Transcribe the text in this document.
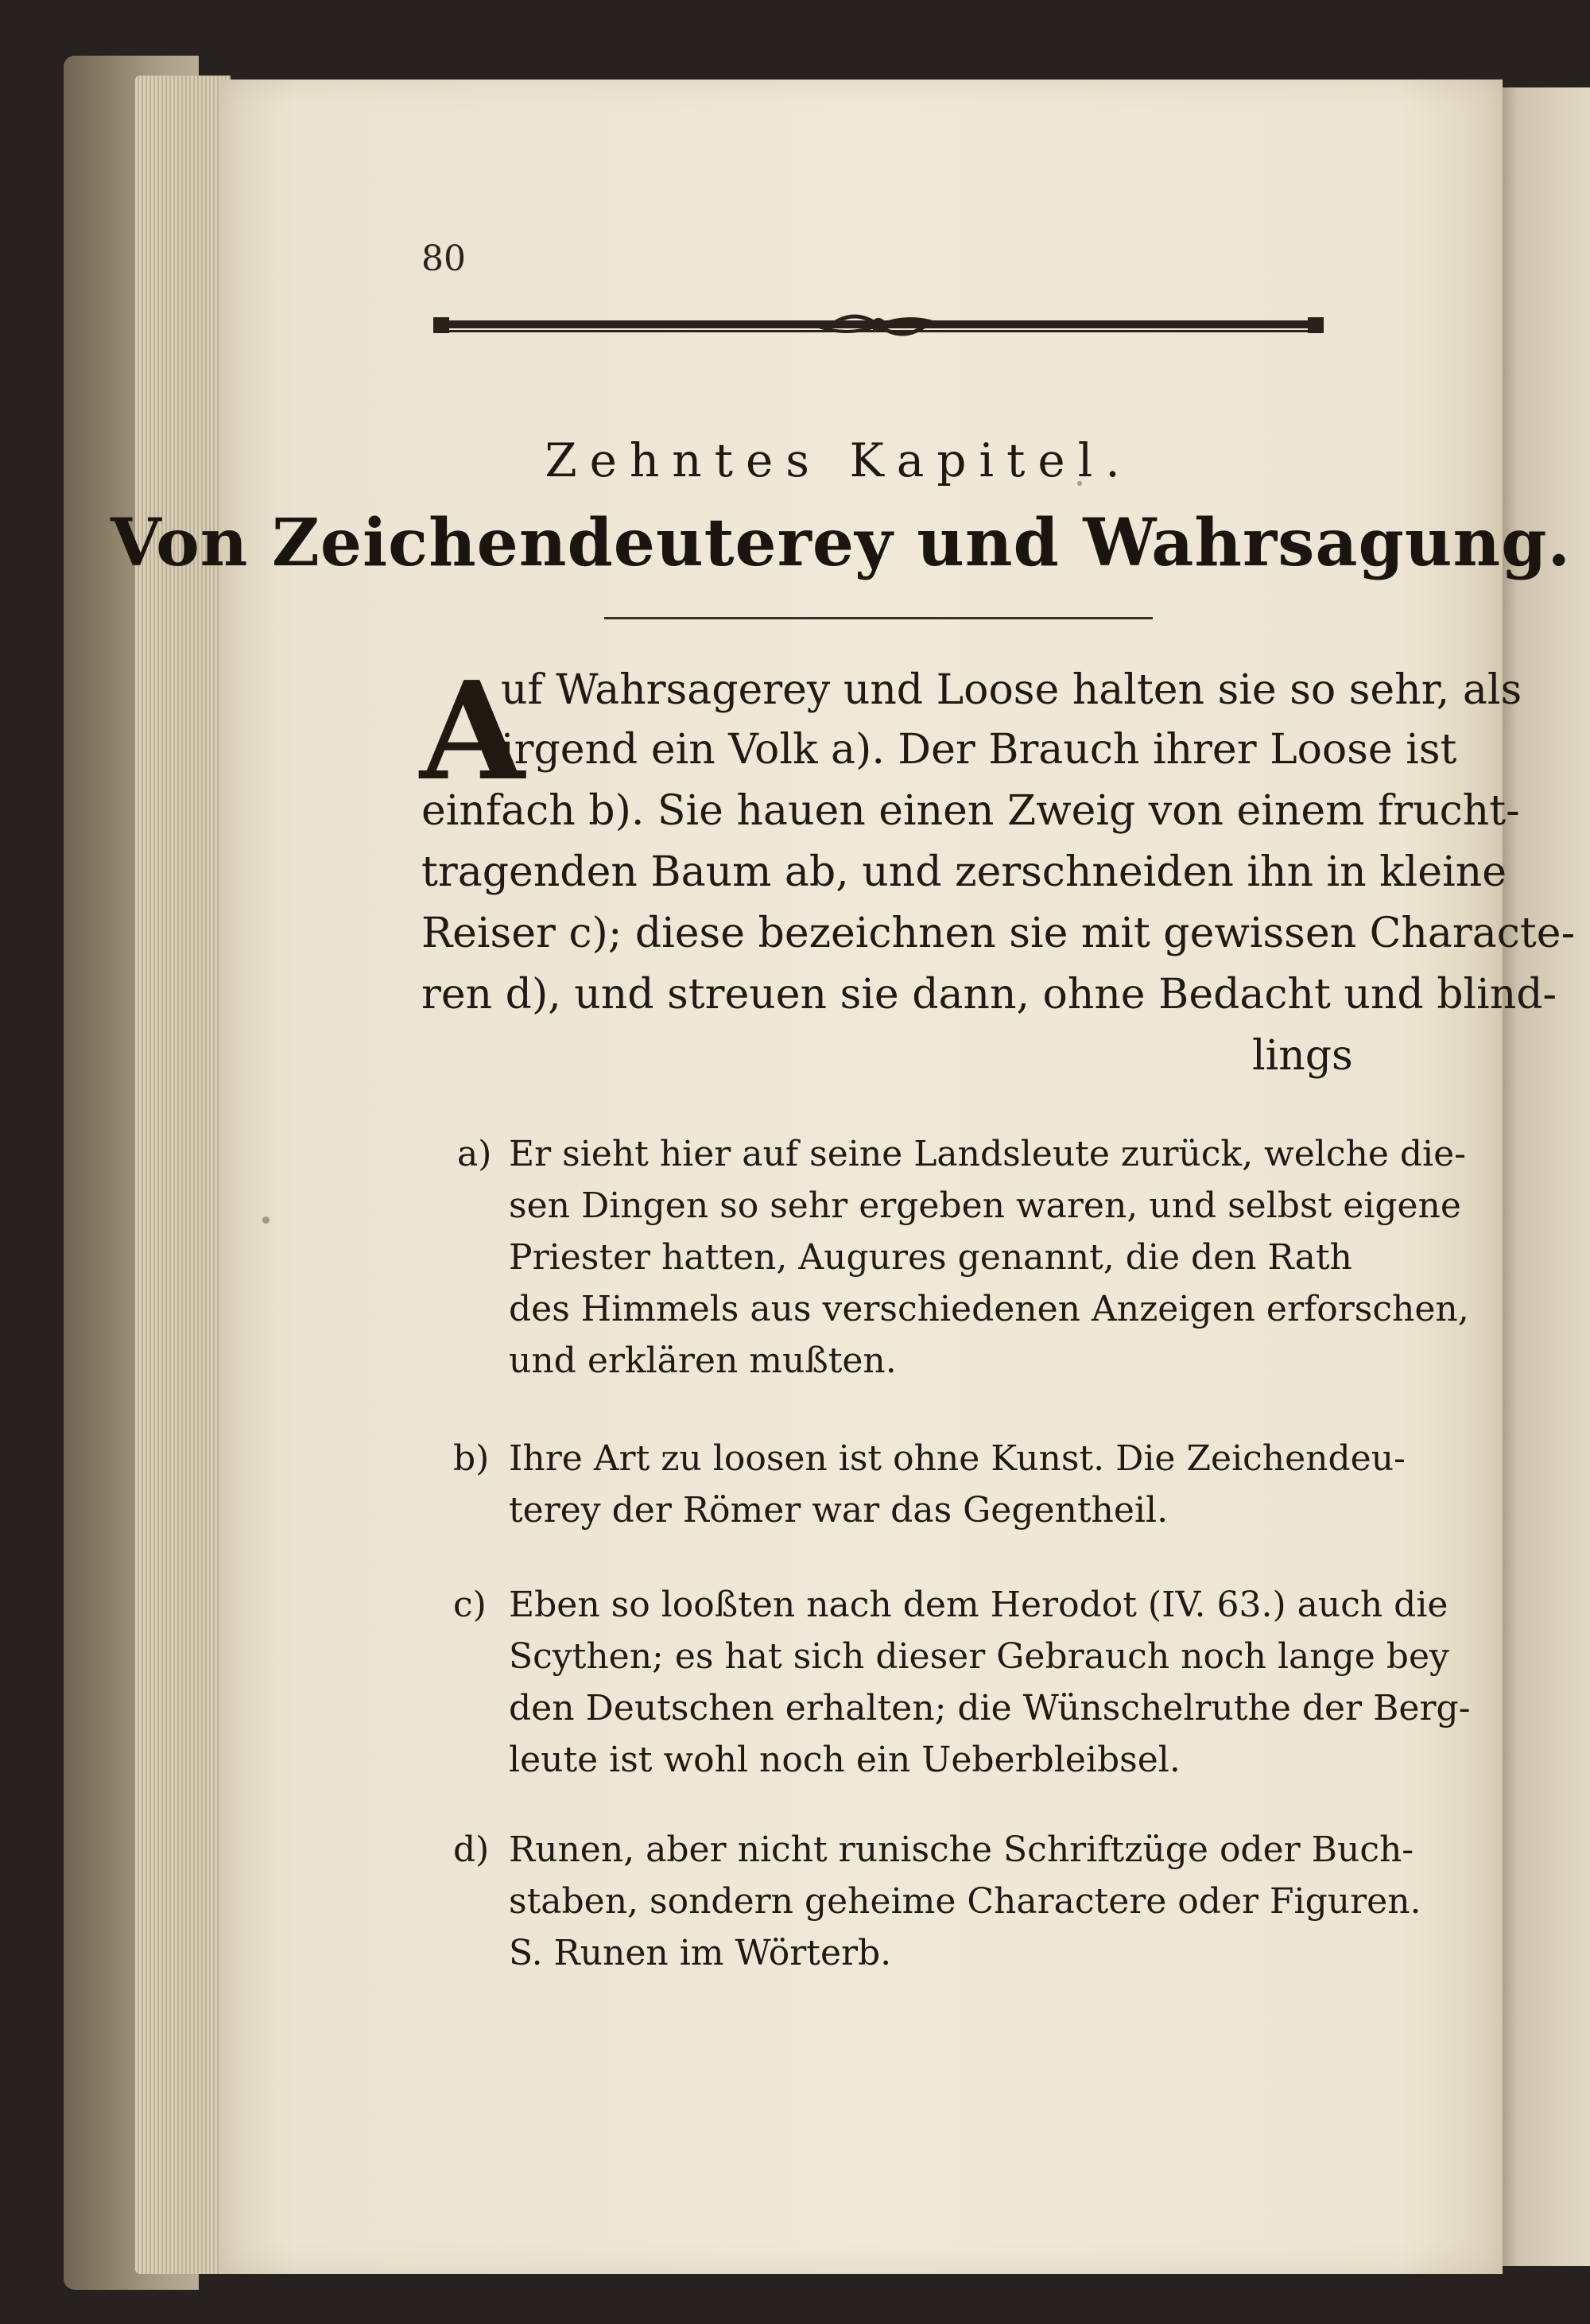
80
Zehntes Kapitel.
Von Zeichendeuterey und Wahrsagung.
A
uf Wahrsagerey und Loose halten sie so sehr, als
irgend ein Volk a). Der Brauch ihrer Loose ist
einfach b). Sie hauen einen Zweig von einem frucht-
tragenden Baum ab, und zerschneiden ihn in kleine
Reiser c); diese bezeichnen sie mit gewissen Characte-
ren d), und streuen sie dann, ohne Bedacht und blind-
lings
a) Er sieht hier auf seine Landsleute zurück, welche die-
sen Dingen so sehr ergeben waren, und selbst eigene
Priester hatten, Augures genannt, die den Rath
des Himmels aus verschiedenen Anzeigen erforschen,
und erklären mußten.
b) Ihre Art zu loosen ist ohne Kunst. Die Zeichendeu-
terey der Römer war das Gegentheil.
c) Eben so looßten nach dem Herodot (IV. 63.) auch die
Scythen; es hat sich dieser Gebrauch noch lange bey
den Deutschen erhalten; die Wünschelruthe der Berg-
leute ist wohl noch ein Ueberbleibsel.
d) Runen, aber nicht runische Schriftzüge oder Buch-
staben, sondern geheime Charactere oder Figuren.
S. Runen im Wörterb.
